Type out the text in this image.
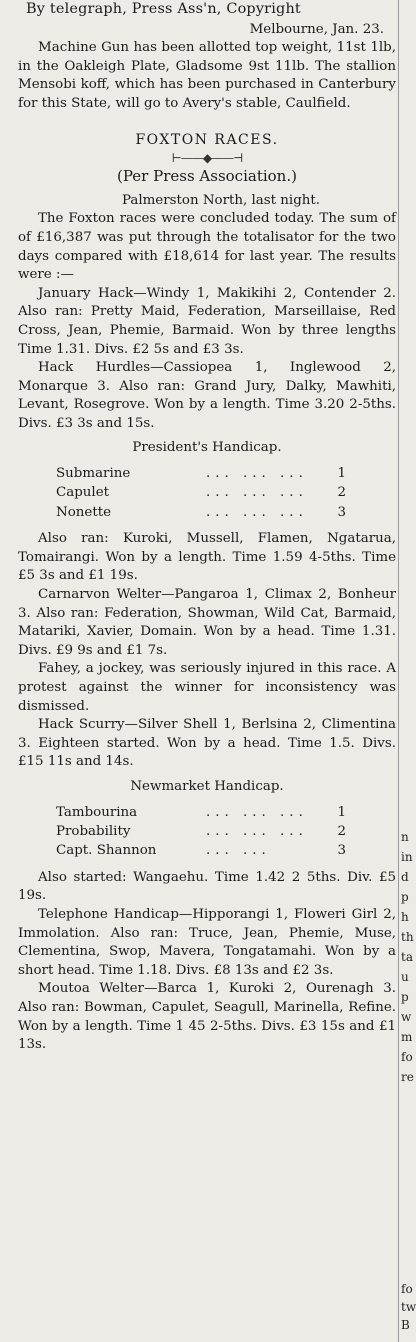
By telegraph, Press Ass'n, Copyright

Melbourne, Jan. 23.

Machine Gun has been allotted top weight, 11st 1lb, in the Oakleigh Plate, Gladsome 9st 11lb. The stallion Mensobi koff, which has been purchased in Canterbury for this State, will go to Avery's stable, Caulfield.

FOXTON RACES.
⊢——◆——⊣
(Per Press Association.)
Palmerston North, last night.

The Foxton races were concluded today. The sum of of £16,387 was put through the totalisator for the two days compared with £18,614 for last year. The results were :—

January Hack—Windy 1, Makikihi 2, Contender 2. Also ran: Pretty Maid, Federation, Marseillaise, Red Cross, Jean, Phemie, Barmaid. Won by three lengths Time 1.31. Divs. £2 5s and £3 3s.

Hack Hurdles—Cassiopea 1, Inglewood 2, Monarque 3. Also ran: Grand Jury, Dalky, Mawhiti, Levant, Rosegrove. Won by a length. Time 3.20 2-5ths. Divs. £3 3s and 15s.

President's Handicap.
Submarine	... ... ...	1
Capulet	... ... ...	2
Nonette	... ... ...	3

Also ran: Kuroki, Mussell, Flamen, Ngatarua, Tomairangi. Won by a length. Time 1.59 4-5ths. Time £5 3s and £1 19s.

Carnarvon Welter—Pangaroa 1, Climax 2, Bonheur 3. Also ran: Federation, Showman, Wild Cat, Barmaid, Matariki, Xavier, Domain. Won by a head. Time 1.31. Divs. £9 9s and £1 7s.

Fahey, a jockey, was seriously injured in this race. A protest against the winner for inconsistency was dismissed.

Hack Scurry—Silver Shell 1, Berlsina 2, Climentina 3. Eighteen started. Won by a head. Time 1.5. Divs. £15 11s and 14s.

Newmarket Handicap.
Tambourina	... ... ...	1
Probability	... ... ...	2
Capt. Shannon	... ...	3

Also started: Wangaehu. Time 1.42 2 5ths. Div. £5 19s.

Telephone Handicap—Hipporangi 1, Floweri Girl 2, Immolation. Also ran: Truce, Jean, Phemie, Muse, Clementina, Swop, Mavera, Tongatamahi. Won by a short head. Time 1.18. Divs. £8 13s and £2 3s.

Moutoa Welter—Barca 1, Kuroki 2, Ourenagh 3. Also ran: Bowman, Capulet, Seagull, Marinella, Refine. Won by a length. Time 1 45 2-5ths. Divs. £3 15s and £1 13s.

n
in
d
p
h
th
ta
u
p
w
m
fo
re
fo
tw
B
